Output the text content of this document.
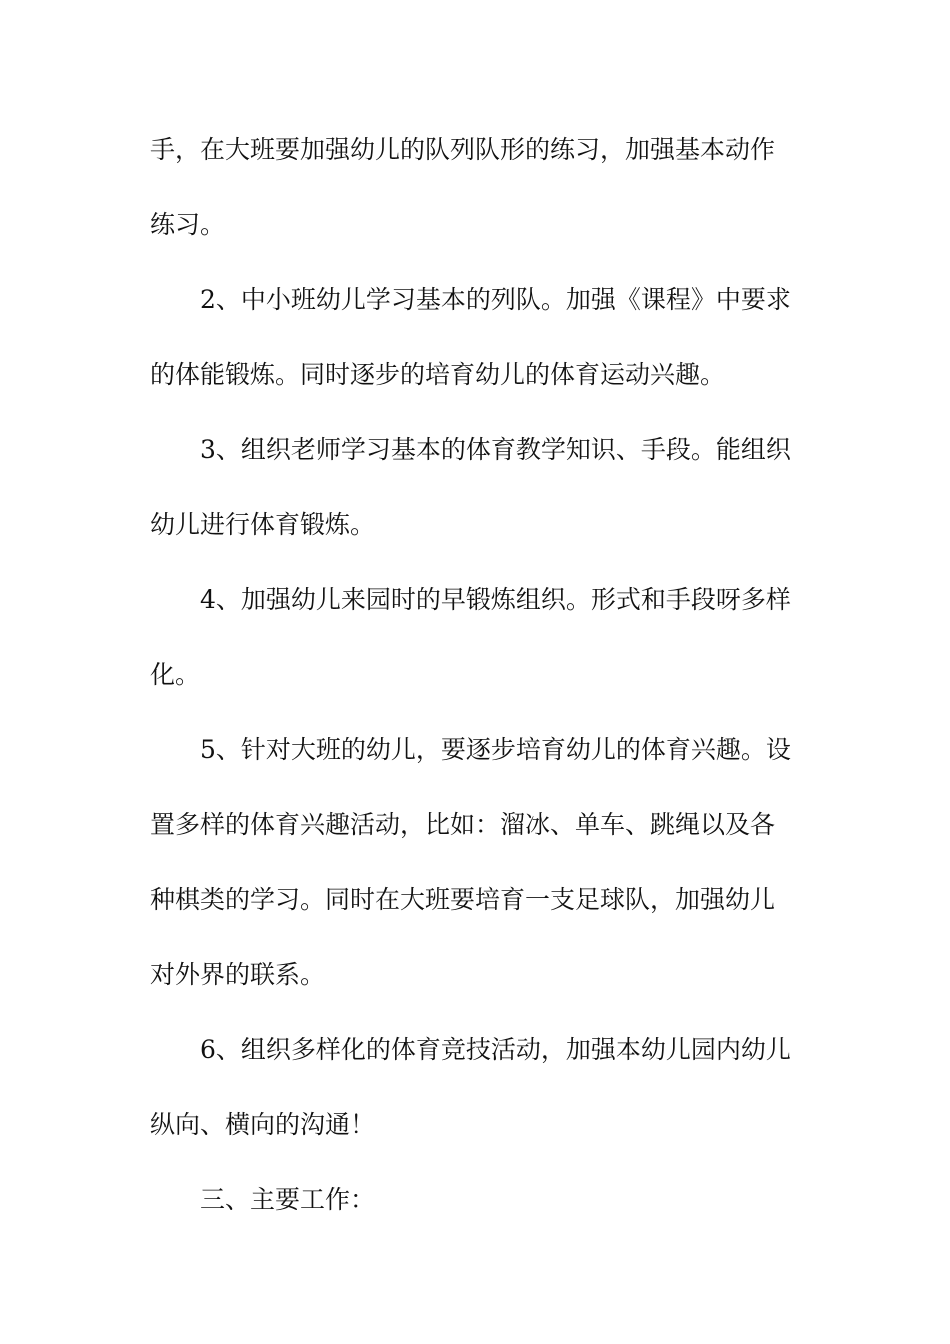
手，在大班要加强幼儿的队列队形的练习，加强基本动作
练习。
2、中小班幼儿学习基本的列队。加强《课程》中要求
的体能锻炼。同时逐步的培育幼儿的体育运动兴趣。
3、组织老师学习基本的体育教学知识、手段。能组织
幼儿进行体育锻炼。
4、加强幼儿来园时的早锻炼组织。形式和手段呀多样
化。
5、针对大班的幼儿，要逐步培育幼儿的体育兴趣。设
置多样的体育兴趣活动，比如：溜冰、单车、跳绳以及各
种棋类的学习。同时在大班要培育一支足球队，加强幼儿
对外界的联系。
6、组织多样化的体育竞技活动，加强本幼儿园内幼儿
纵向、横向的沟通！
三、主要工作：
